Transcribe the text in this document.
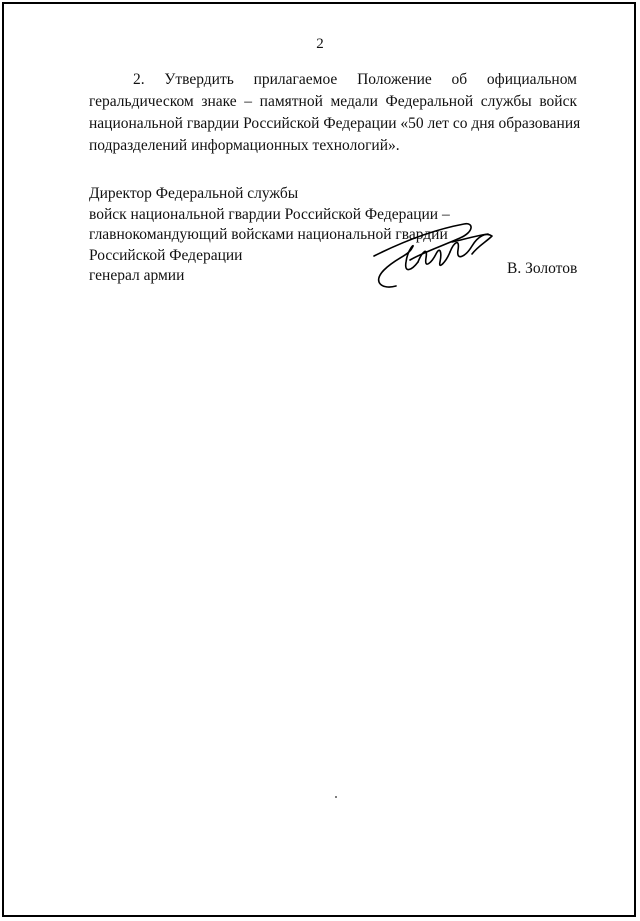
2
2. Утвердить прилагаемое Положение об официальном
геральдическом знаке – памятной медали Федеральной службы войск
национальной гвардии Российской Федерации «50 лет со дня образования
подразделений информационных технологий».
Директор Федеральной службы
войск национальной гвардии Российской Федерации –
главнокомандующий войсками национальной гвардии
Российской Федерации
генерал армии	В. Золотов
